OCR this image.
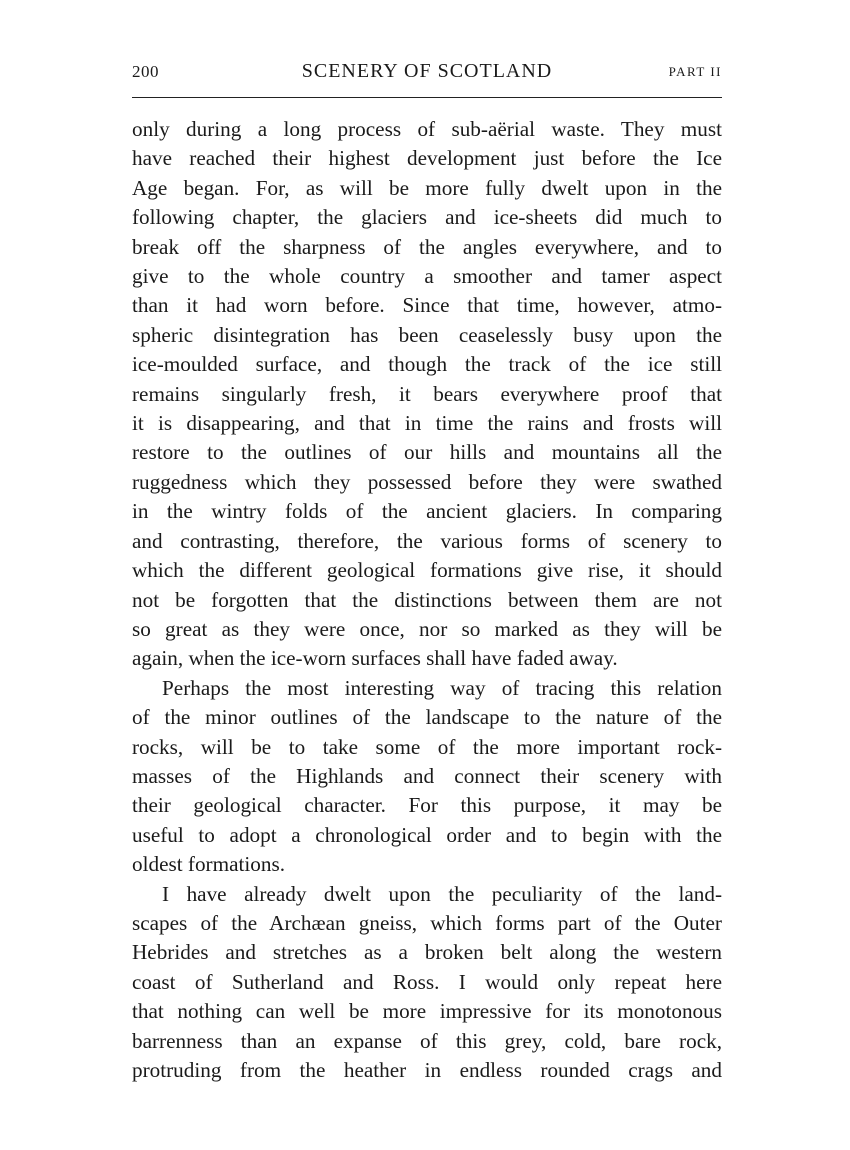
200	SCENERY OF SCOTLAND	PART II
only during a long process of sub-aërial waste. They must
have reached their highest development just before the Ice
Age began. For, as will be more fully dwelt upon in the
following chapter, the glaciers and ice-sheets did much to
break off the sharpness of the angles everywhere, and to
give to the whole country a smoother and tamer aspect
than it had worn before. Since that time, however, atmo-
spheric disintegration has been ceaselessly busy upon the
ice-moulded surface, and though the track of the ice still
remains singularly fresh, it bears everywhere proof that
it is disappearing, and that in time the rains and frosts will
restore to the outlines of our hills and mountains all the
ruggedness which they possessed before they were swathed
in the wintry folds of the ancient glaciers. In comparing
and contrasting, therefore, the various forms of scenery to
which the different geological formations give rise, it should
not be forgotten that the distinctions between them are not
so great as they were once, nor so marked as they will be
again, when the ice-worn surfaces shall have faded away.
Perhaps the most interesting way of tracing this relation
of the minor outlines of the landscape to the nature of the
rocks, will be to take some of the more important rock-
masses of the Highlands and connect their scenery with
their geological character. For this purpose, it may be
useful to adopt a chronological order and to begin with the
oldest formations.
I have already dwelt upon the peculiarity of the land-
scapes of the Archæan gneiss, which forms part of the Outer
Hebrides and stretches as a broken belt along the western
coast of Sutherland and Ross. I would only repeat here
that nothing can well be more impressive for its monotonous
barrenness than an expanse of this grey, cold, bare rock,
protruding from the heather in endless rounded crags and
